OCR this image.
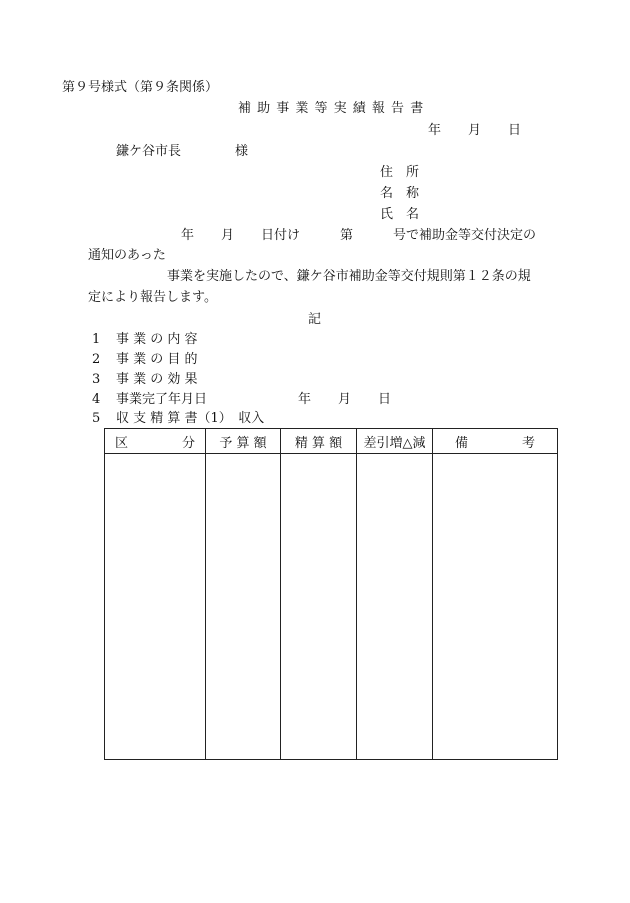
第９号様式（第９条関係）
補 助 事 業 等 実 績 報 告 書
年 月 日
鎌ケ谷市長	様
住　所
名　称
氏　名
年 月 日付け	第	号で補助金等交付決定の
通知のあった
事業を実施したので、鎌ケ谷市補助金等交付規則第１２条の規
定により報告します。
記
1 事 業 の 内 容
2 事 業 の 目 的
3 事 業 の 効 果
4 事業完了年月日	年 月 日
5 収 支 精 算 書（1）　収入
区 分	予 算 額	精 算 額	差引増△減	備 考
